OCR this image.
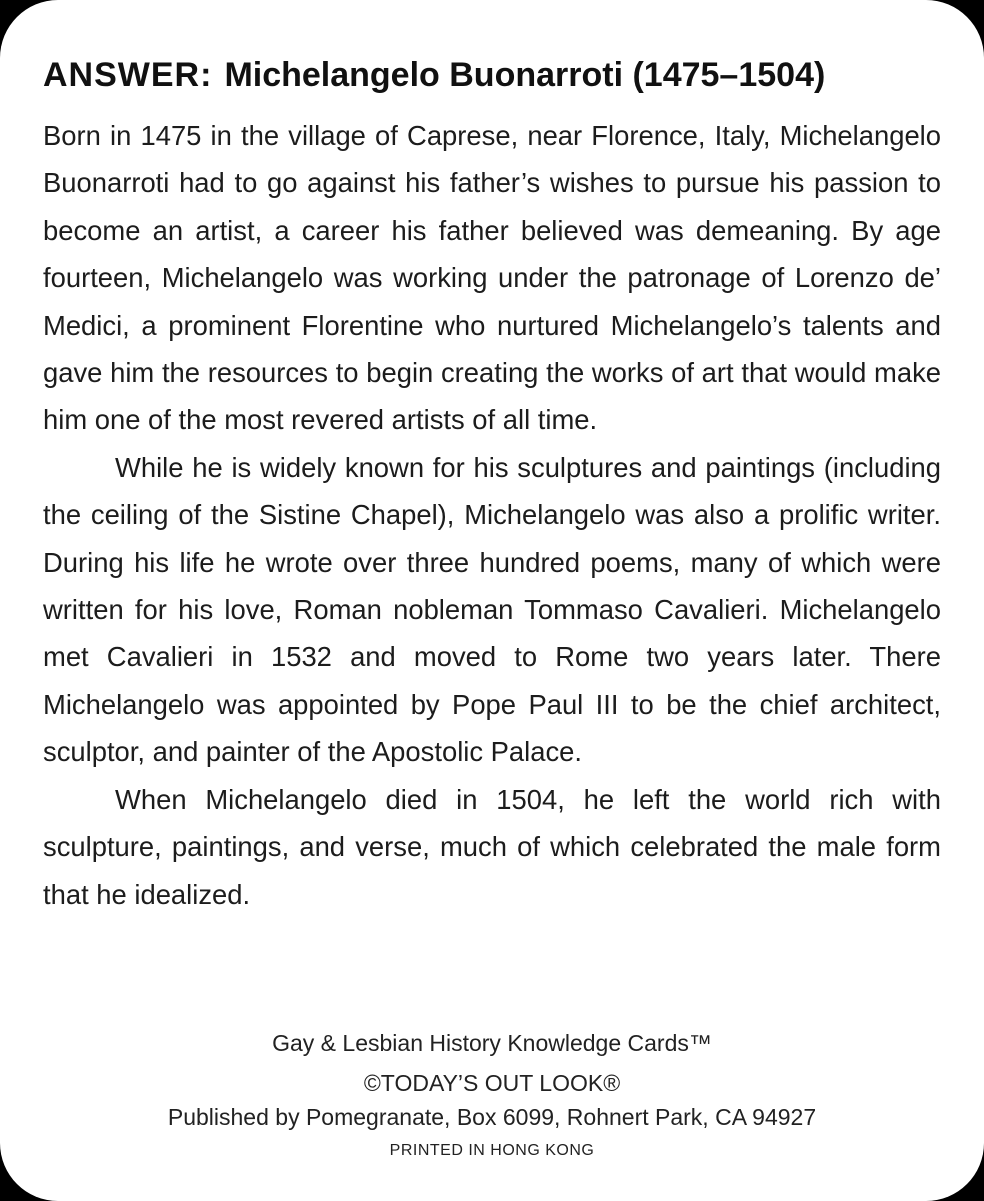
ANSWER: Michelangelo Buonarroti (1475–1504)

Born in 1475 in the village of Caprese, near Florence, Italy, Michelangelo Buonarroti had to go against his father’s wishes to pursue his passion to become an artist, a career his father believed was demeaning. By age fourteen, Michelangelo was working under the patronage of Lorenzo de’ Medici, a prominent Florentine who nurtured Michelangelo’s talents and gave him the resources to begin creating the works of art that would make him one of the most revered artists of all time.

While he is widely known for his sculptures and paintings (including the ceiling of the Sistine Chapel), Michelangelo was also a prolific writer. During his life he wrote over three hundred poems, many of which were written for his love, Roman nobleman Tommaso Cavalieri. Michelangelo met Cavalieri in 1532 and moved to Rome two years later. There Michelangelo was appointed by Pope Paul III to be the chief architect, sculptor, and painter of the Apostolic Palace.

When Michelangelo died in 1504, he left the world rich with sculpture, paintings, and verse, much of which celebrated the male form that he idealized.

Gay & Lesbian History Knowledge Cards™
©TODAY’S OUT LOOK®
Published by Pomegranate, Box 6099, Rohnert Park, CA 94927
PRINTED IN HONG KONG
